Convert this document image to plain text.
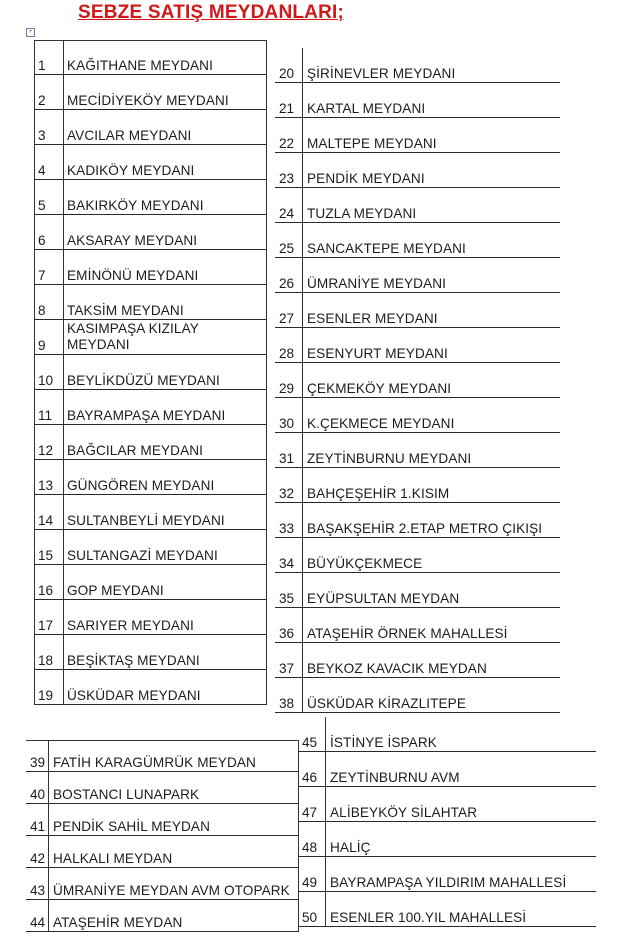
SEBZE SATIŞ MEYDANLARI;
+
1 KAĞITHANE MEYDANI
2 MECİDİYEKÖY MEYDANI
3 AVCILAR MEYDANI
4 KADIKÖY MEYDANI
5 BAKIRKÖY MEYDANI
6 AKSARAY MEYDANI
7 EMİNÖNÜ MEYDANI
8 TAKSİM MEYDANI
9
KASIMPAŞA KIZILAY
MEYDANI
10 BEYLİKDÜZÜ MEYDANI
11 BAYRAMPAŞA MEYDANI
12 BAĞCILAR MEYDANI
13 GÜNGÖREN MEYDANI
14 SULTANBEYLİ MEYDANI
15 SULTANGAZİ MEYDANI
16 GOP MEYDANI
17 SARIYER MEYDANI
18 BEŞİKTAŞ MEYDANI
19 ÜSKÜDAR MEYDANI
20 ŞİRİNEVLER MEYDANI
21 KARTAL MEYDANI
22 MALTEPE MEYDANI
23 PENDİK MEYDANI
24 TUZLA MEYDANI
25 SANCAKTEPE MEYDANI
26 ÜMRANİYE MEYDANI
27 ESENLER MEYDANI
28 ESENYURT MEYDANI
29 ÇEKMEKÖY MEYDANI
30 K.ÇEKMECE MEYDANI
31 ZEYTİNBURNU MEYDANI
32 BAHÇEŞEHİR 1.KISIM
33 BAŞAKŞEHİR 2.ETAP METRO ÇIKIŞI
34 BÜYÜKÇEKMECE
35 EYÜPSULTAN MEYDAN
36 ATAŞEHİR ÖRNEK MAHALLESİ
37 BEYKOZ KAVACIK MEYDAN
38 ÜSKÜDAR KİRAZLITEPE
39 FATİH KARAGÜMRÜK MEYDAN
40 BOSTANCI LUNAPARK
41 PENDİK SAHİL MEYDAN
42 HALKALI MEYDAN
43 ÜMRANİYE MEYDAN AVM OTOPARK
44 ATAŞEHİR MEYDAN
45 İSTİNYE İSPARK
46 ZEYTİNBURNU AVM
47 ALİBEYKÖY SİLAHTAR
48 HALİÇ
49 BAYRAMPAŞA YILDIRIM MAHALLESİ
50 ESENLER 100.YIL MAHALLESİ
